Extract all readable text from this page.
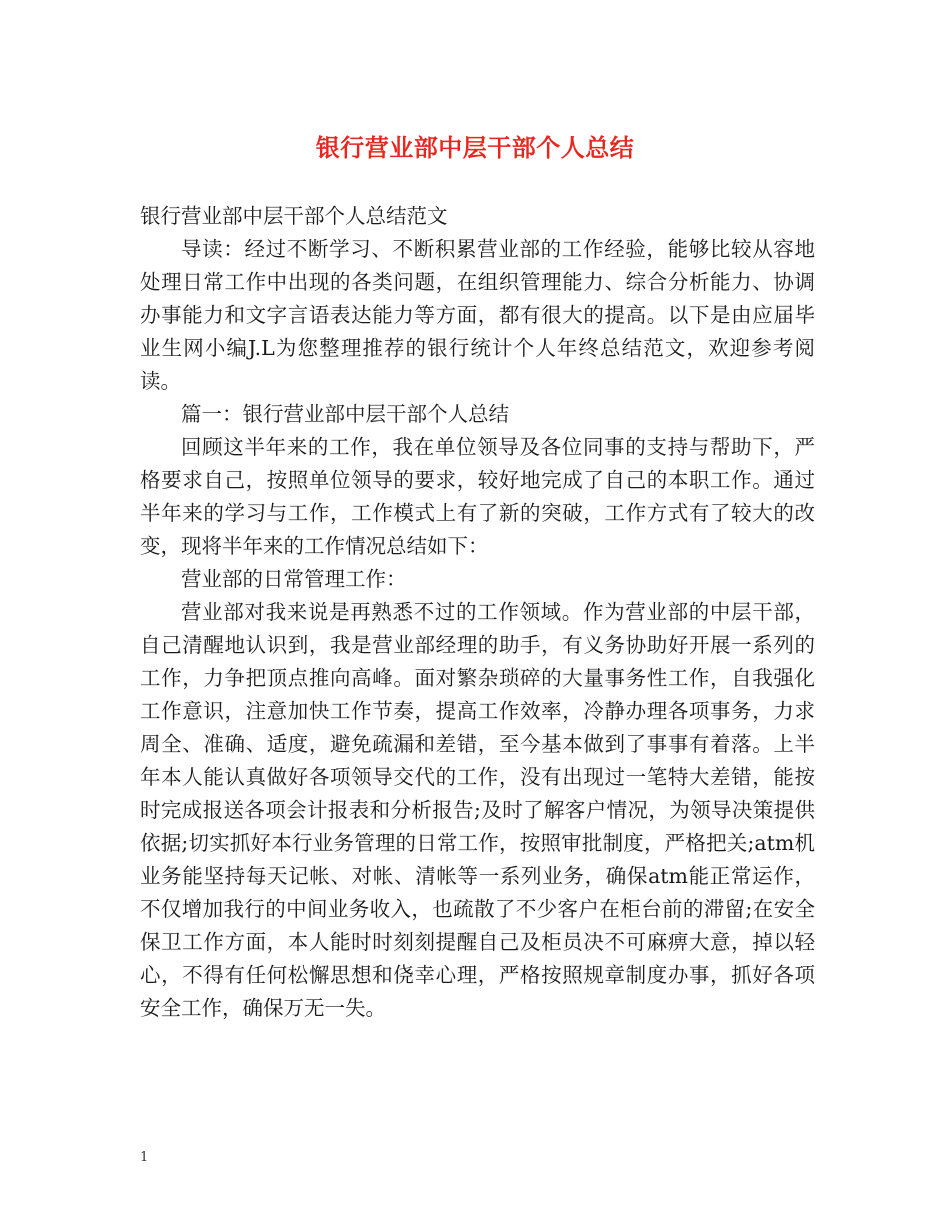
银行营业部中层干部个人总结

银行营业部中层干部个人总结范文

导读：经过不断学习、不断积累营业部的工作经验，能够比较从容地处理日常工作中出现的各类问题，在组织管理能力、综合分析能力、协调办事能力和文字言语表达能力等方面，都有很大的提高。以下是由应届毕业生网小编J.L为您整理推荐的银行统计个人年终总结范文，欢迎参考阅读。

篇一：银行营业部中层干部个人总结

回顾这半年来的工作，我在单位领导及各位同事的支持与帮助下，严格要求自己，按照单位领导的要求，较好地完成了自己的本职工作。通过半年来的学习与工作，工作模式上有了新的突破，工作方式有了较大的改变，现将半年来的工作情况总结如下：

营业部的日常管理工作：

营业部对我来说是再熟悉不过的工作领域。作为营业部的中层干部，自己清醒地认识到，我是营业部经理的助手，有义务协助好开展一系列的工作，力争把顶点推向高峰。面对繁杂琐碎的大量事务性工作，自我强化工作意识，注意加快工作节奏，提高工作效率，冷静办理各项事务，力求周全、准确、适度，避免疏漏和差错，至今基本做到了事事有着落。上半年本人能认真做好各项领导交代的工作，没有出现过一笔特大差错，能按时完成报送各项会计报表和分析报告;及时了解客户情况，为领导决策提供依据;切实抓好本行业务管理的日常工作，按照审批制度，严格把关;atm机业务能坚持每天记帐、对帐、清帐等一系列业务，确保atm能正常运作，不仅增加我行的中间业务收入，也疏散了不少客户在柜台前的滞留;在安全保卫工作方面，本人能时时刻刻提醒自己及柜员决不可麻痹大意，掉以轻心，不得有任何松懈思想和侥幸心理，严格按照规章制度办事，抓好各项安全工作，确保万无一失。

1
